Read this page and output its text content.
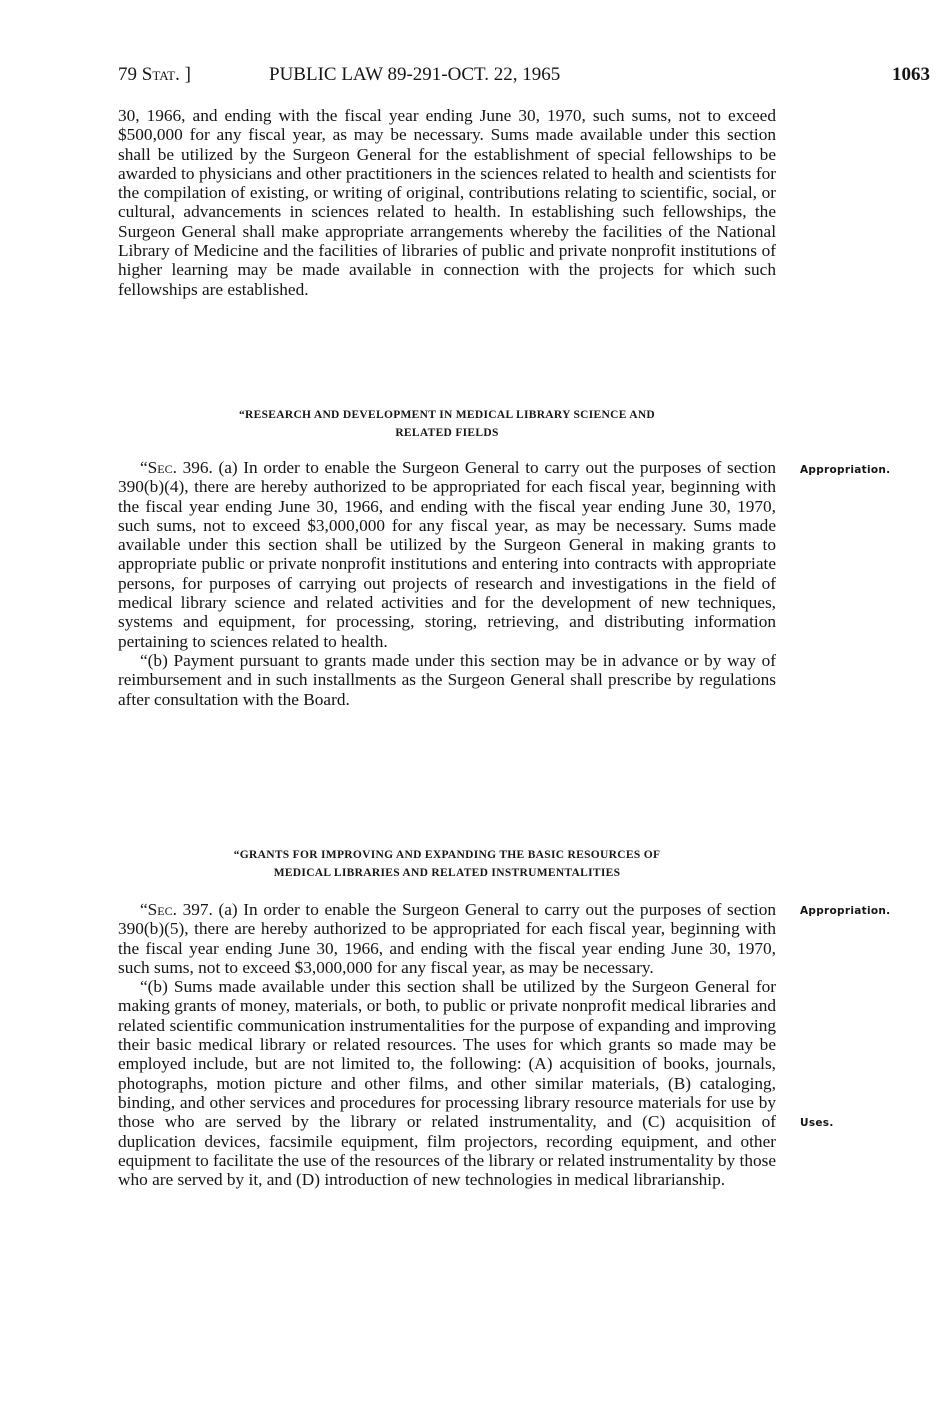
79 Stat. ]	PUBLIC LAW 89-291-OCT. 22, 1965	1063

30, 1966, and ending with the fiscal year ending June 30, 1970, such sums, not to exceed $500,000 for any fiscal year, as may be necessary. Sums made available under this section shall be utilized by the Surgeon General for the establishment of special fellowships to be awarded to physicians and other practitioners in the sciences related to health and scientists for the compilation of existing, or writing of original, contributions relating to scientific, social, or cultural, advancements in sciences related to health. In establishing such fellowships, the Surgeon General shall make appropriate arrangements whereby the facilities of the National Library of Medicine and the facilities of libraries of public and private nonprofit institutions of higher learning may be made available in connection with the projects for which such fellowships are established.

“RESEARCH AND DEVELOPMENT IN MEDICAL LIBRARY SCIENCE AND
RELATED FIELDS
Appropriation.

“Sec. 396. (a) In order to enable the Surgeon General to carry out the purposes of section 390(b)(4), there are hereby authorized to be appropriated for each fiscal year, beginning with the fiscal year ending June 30, 1966, and ending with the fiscal year ending June 30, 1970, such sums, not to exceed $3,000,000 for any fiscal year, as may be necessary. Sums made available under this section shall be utilized by the Surgeon General in making grants to appropriate public or private nonprofit institutions and entering into contracts with appropriate persons, for purposes of carrying out projects of research and investigations in the field of medical library science and related activities and for the development of new techniques, systems and equipment, for processing, storing, retrieving, and distributing information pertaining to sciences related to health.

“(b) Payment pursuant to grants made under this section may be in advance or by way of reimbursement and in such installments as the Surgeon General shall prescribe by regulations after consultation with the Board.

“GRANTS FOR IMPROVING AND EXPANDING THE BASIC RESOURCES OF
MEDICAL LIBRARIES AND RELATED INSTRUMENTALITIES
Appropriation.
Uses.

“Sec. 397. (a) In order to enable the Surgeon General to carry out the purposes of section 390(b)(5), there are hereby authorized to be appropriated for each fiscal year, beginning with the fiscal year ending June 30, 1966, and ending with the fiscal year ending June 30, 1970, such sums, not to exceed $3,000,000 for any fiscal year, as may be necessary.

“(b) Sums made available under this section shall be utilized by the Surgeon General for making grants of money, materials, or both, to public or private nonprofit medical libraries and related scientific communication instrumentalities for the purpose of expanding and improving their basic medical library or related resources. The uses for which grants so made may be employed include, but are not limited to, the following: (A) acquisition of books, journals, photographs, motion picture and other films, and other similar materials, (B) cataloging, binding, and other services and procedures for processing library resource materials for use by those who are served by the library or related instrumentality, and (C) acquisition of duplication devices, facsimile equipment, film projectors, recording equipment, and other equipment to facilitate the use of the resources of the library or related instrumentality by those who are served by it, and (D) introduction of new technologies in medical librarianship.
